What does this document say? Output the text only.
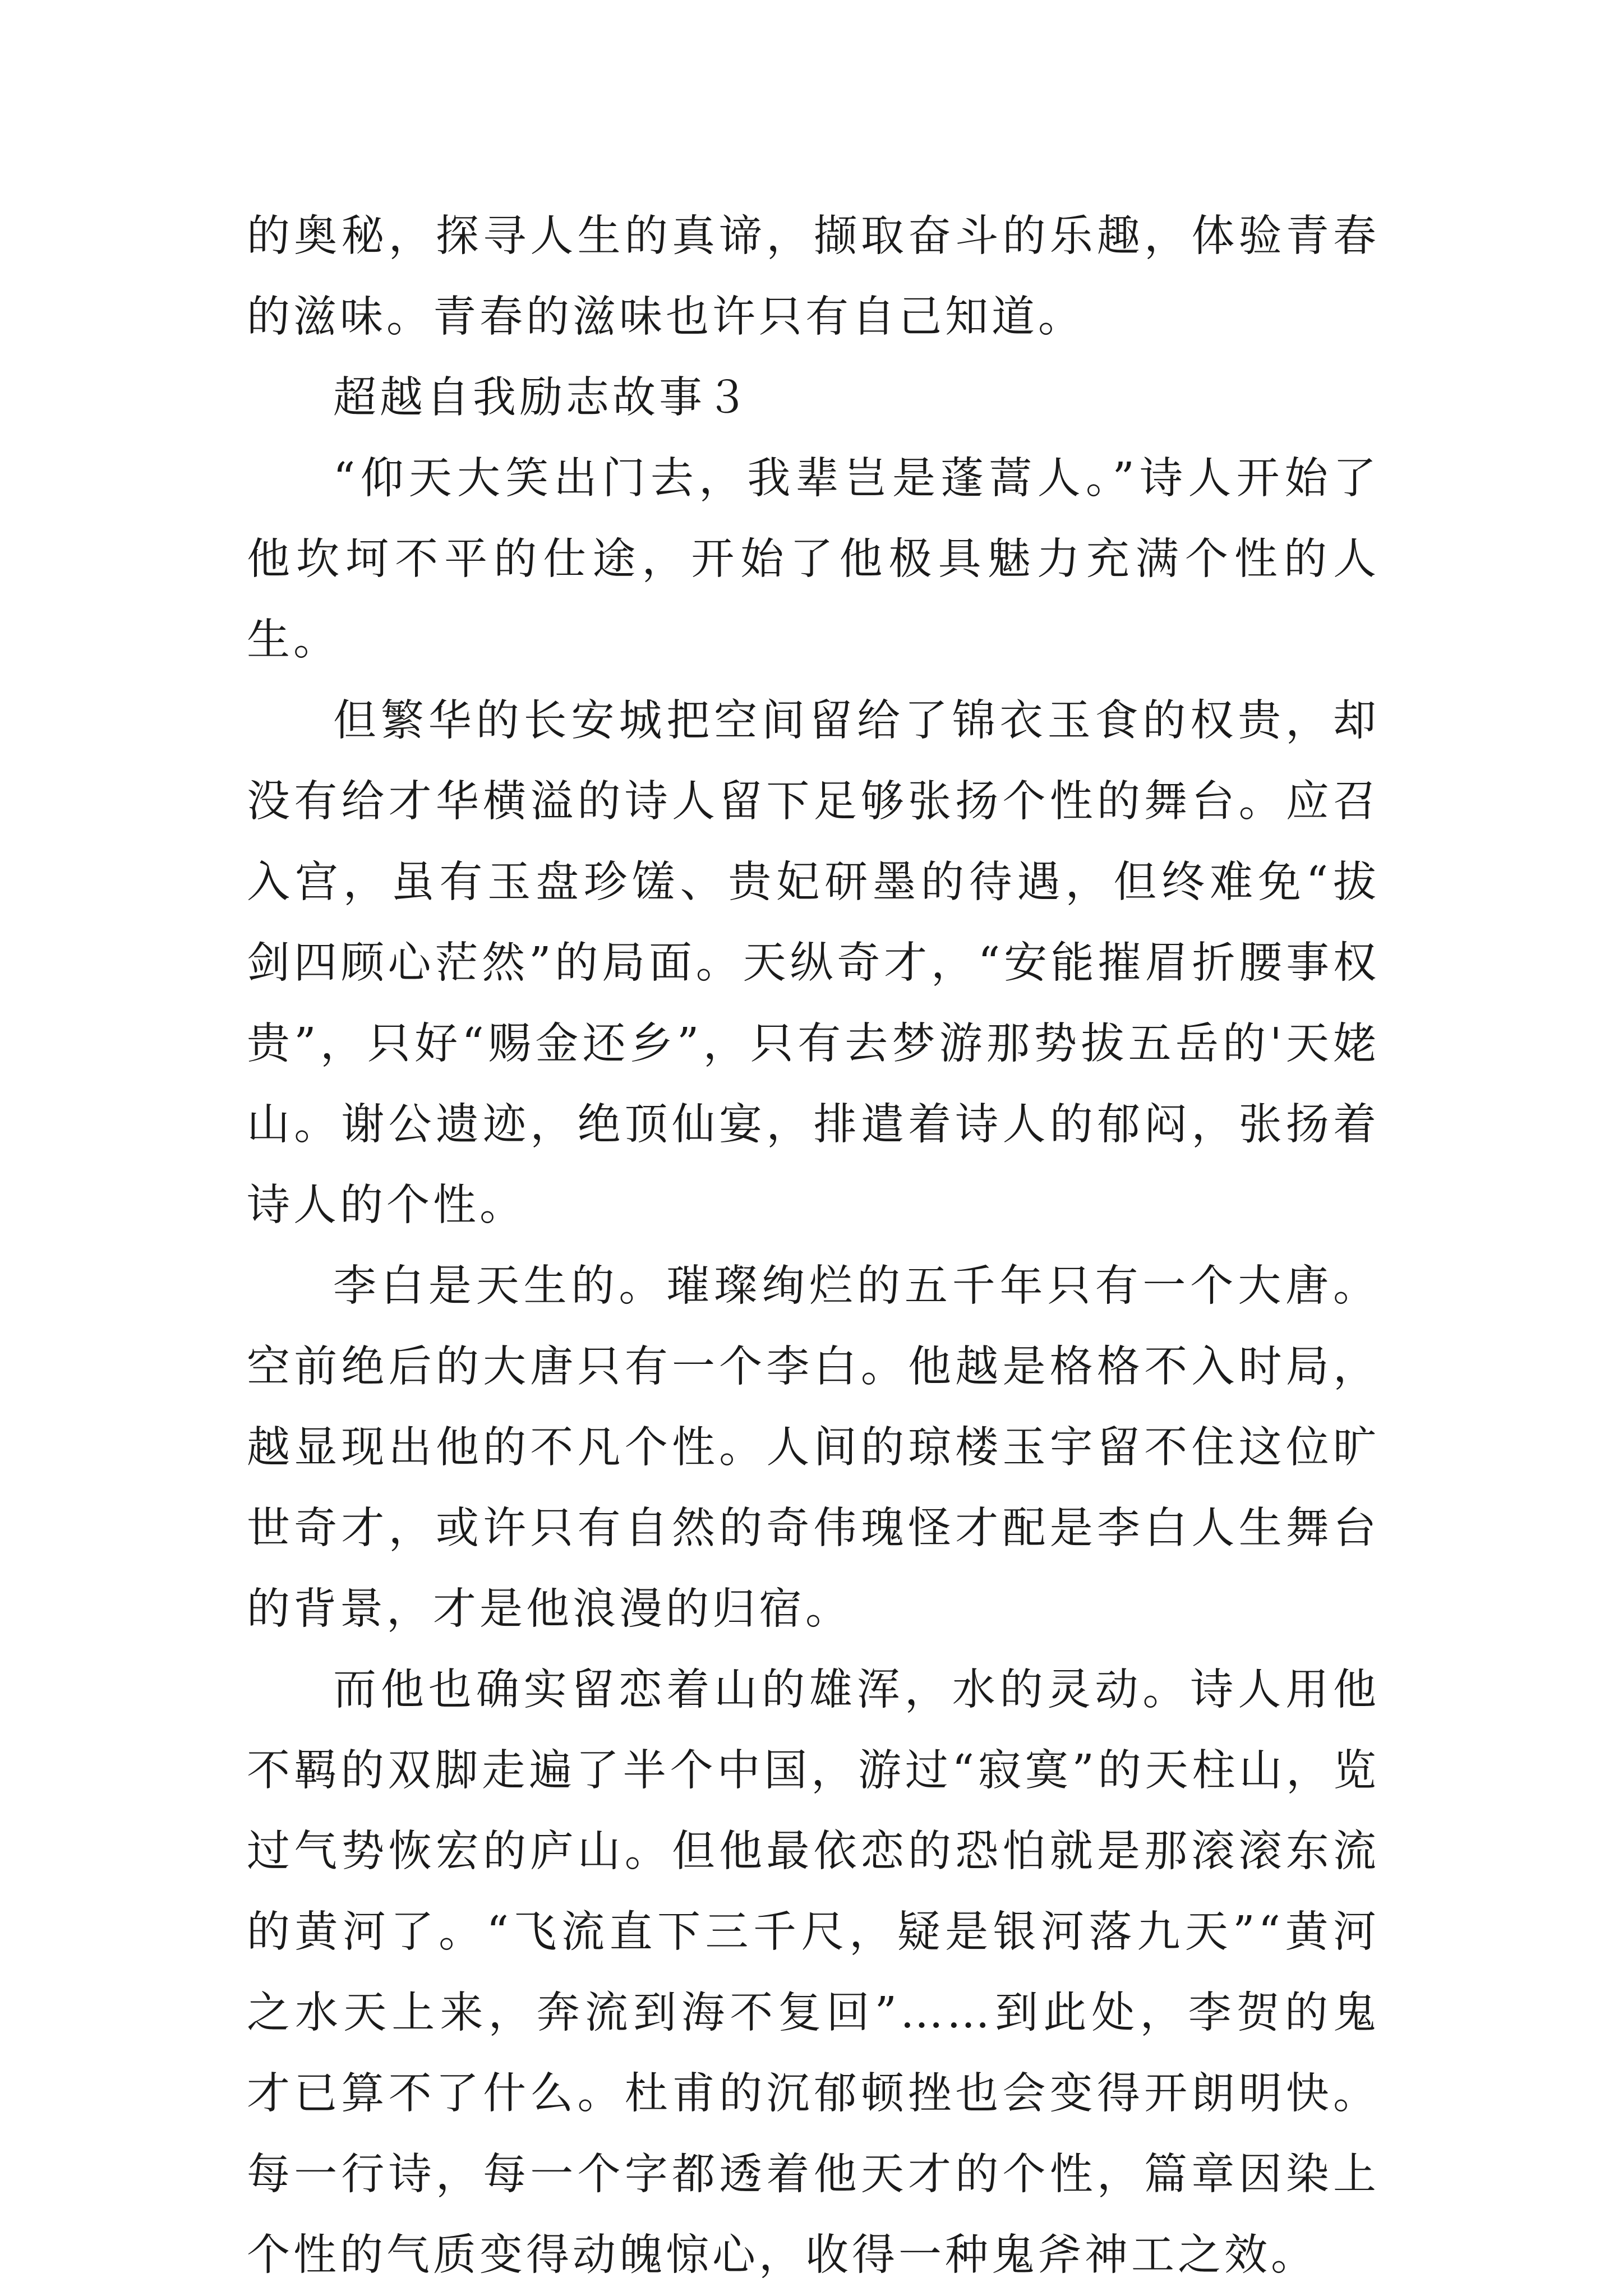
的奥秘，探寻人生的真谛，撷取奋斗的乐趣，体验青春的滋味。青春的滋味也许只有自己知道。

超越自我励志故事３

“仰天大笑出门去，我辈岂是蓬蒿人。”诗人开始了他坎坷不平的仕途，开始了他极具魅力充满个性的人生。

但繁华的长安城把空间留给了锦衣玉食的权贵，却没有给才华横溢的诗人留下足够张扬个性的舞台。应召入宫，虽有玉盘珍馐、贵妃研墨的待遇，但终难免“拔剑四顾心茫然”的局面。天纵奇才，“安能摧眉折腰事权贵”，只好“赐金还乡”，只有去梦游那势拔五岳的'天姥山。谢公遗迹，绝顶仙宴，排遣着诗人的郁闷，张扬着诗人的个性。

李白是天生的。璀璨绚烂的五千年只有一个大唐。空前绝后的大唐只有一个李白。他越是格格不入时局，越显现出他的不凡个性。人间的琼楼玉宇留不住这位旷世奇才，或许只有自然的奇伟瑰怪才配是李白人生舞台的背景，才是他浪漫的归宿。

而他也确实留恋着山的雄浑，水的灵动。诗人用他不羁的双脚走遍了半个中国，游过“寂寞”的天柱山，览过气势恢宏的庐山。但他最依恋的恐怕就是那滚滚东流的黄河了。“飞流直下三千尺，疑是银河落九天”“黄河之水天上来，奔流到海不复回”……到此处，李贺的鬼才已算不了什么。杜甫的沉郁顿挫也会变得开朗明快。每一行诗，每一个字都透着他天才的个性，篇章因染上个性的气质变得动魄惊心，收得一种鬼斧神工之效。
